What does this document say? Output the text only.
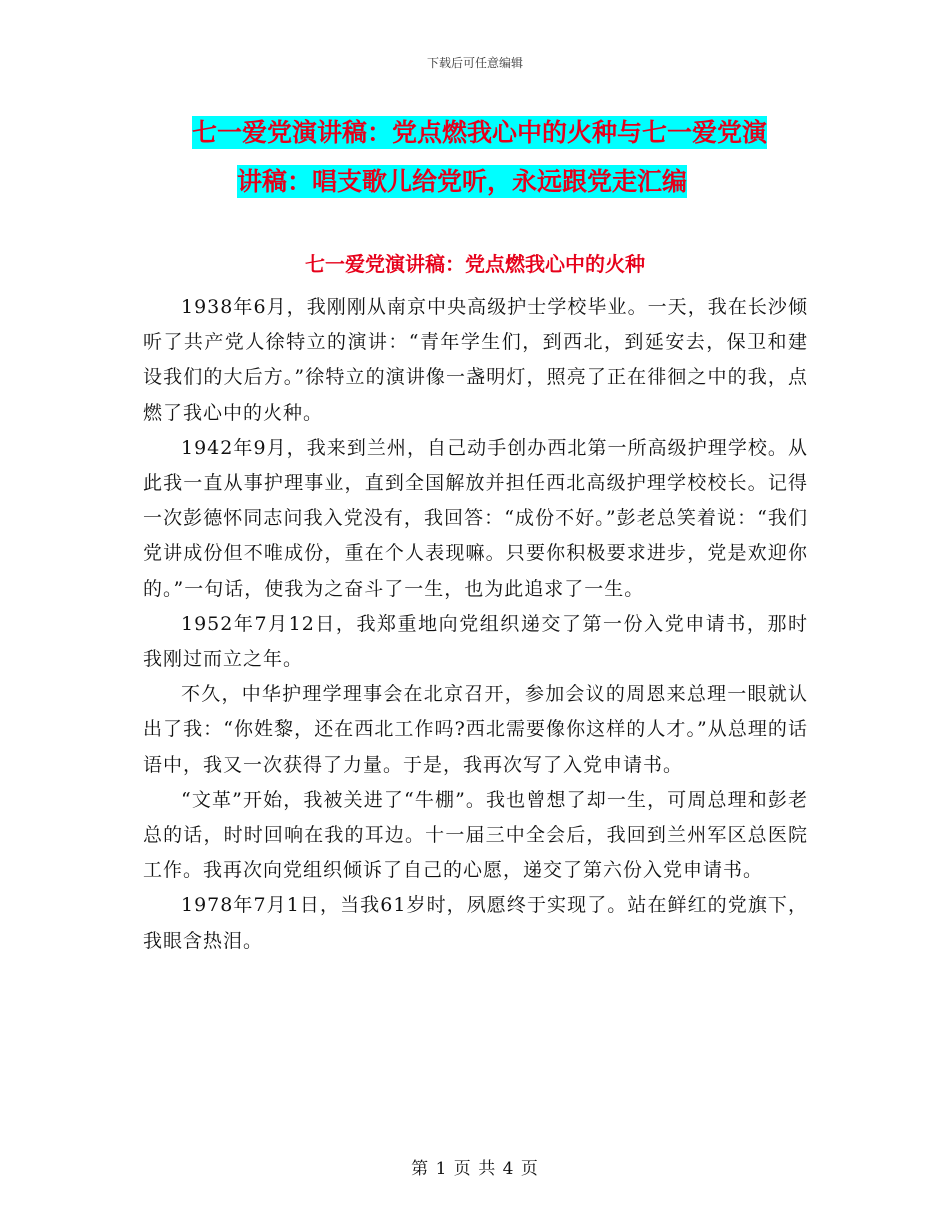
下载后可任意编辑
七一爱党演讲稿：党点燃我心中的火种与七一爱党演
讲稿：唱支歌儿给党听，永远跟党走汇编
七一爱党演讲稿：党点燃我心中的火种

1938年6月，我刚刚从南京中央高级护士学校毕业。一天，我在长沙倾听了共产党人徐特立的演讲：“青年学生们，到西北，到延安去，保卫和建设我们的大后方。”徐特立的演讲像一盏明灯，照亮了正在徘徊之中的我，点燃了我心中的火种。

1942年9月，我来到兰州，自己动手创办西北第一所高级护理学校。从此我一直从事护理事业，直到全国解放并担任西北高级护理学校校长。记得一次彭德怀同志问我入党没有，我回答：“成份不好。”彭老总笑着说：“我们党讲成份但不唯成份，重在个人表现嘛。只要你积极要求进步，党是欢迎你的。”一句话，使我为之奋斗了一生，也为此追求了一生。

1952年7月12日，我郑重地向党组织递交了第一份入党申请书，那时我刚过而立之年。

不久，中华护理学理事会在北京召开，参加会议的周恩来总理一眼就认出了我：“你姓黎，还在西北工作吗?西北需要像你这样的人才。”从总理的话语中，我又一次获得了力量。于是，我再次写了入党申请书。

“文革”开始，我被关进了“牛棚”。我也曾想了却一生，可周总理和彭老总的话，时时回响在我的耳边。十一届三中全会后，我回到兰州军区总医院工作。我再次向党组织倾诉了自己的心愿，递交了第六份入党申请书。

1978年7月1日，当我61岁时，夙愿终于实现了。站在鲜红的党旗下，我眼含热泪。

第 1 页 共 4 页
